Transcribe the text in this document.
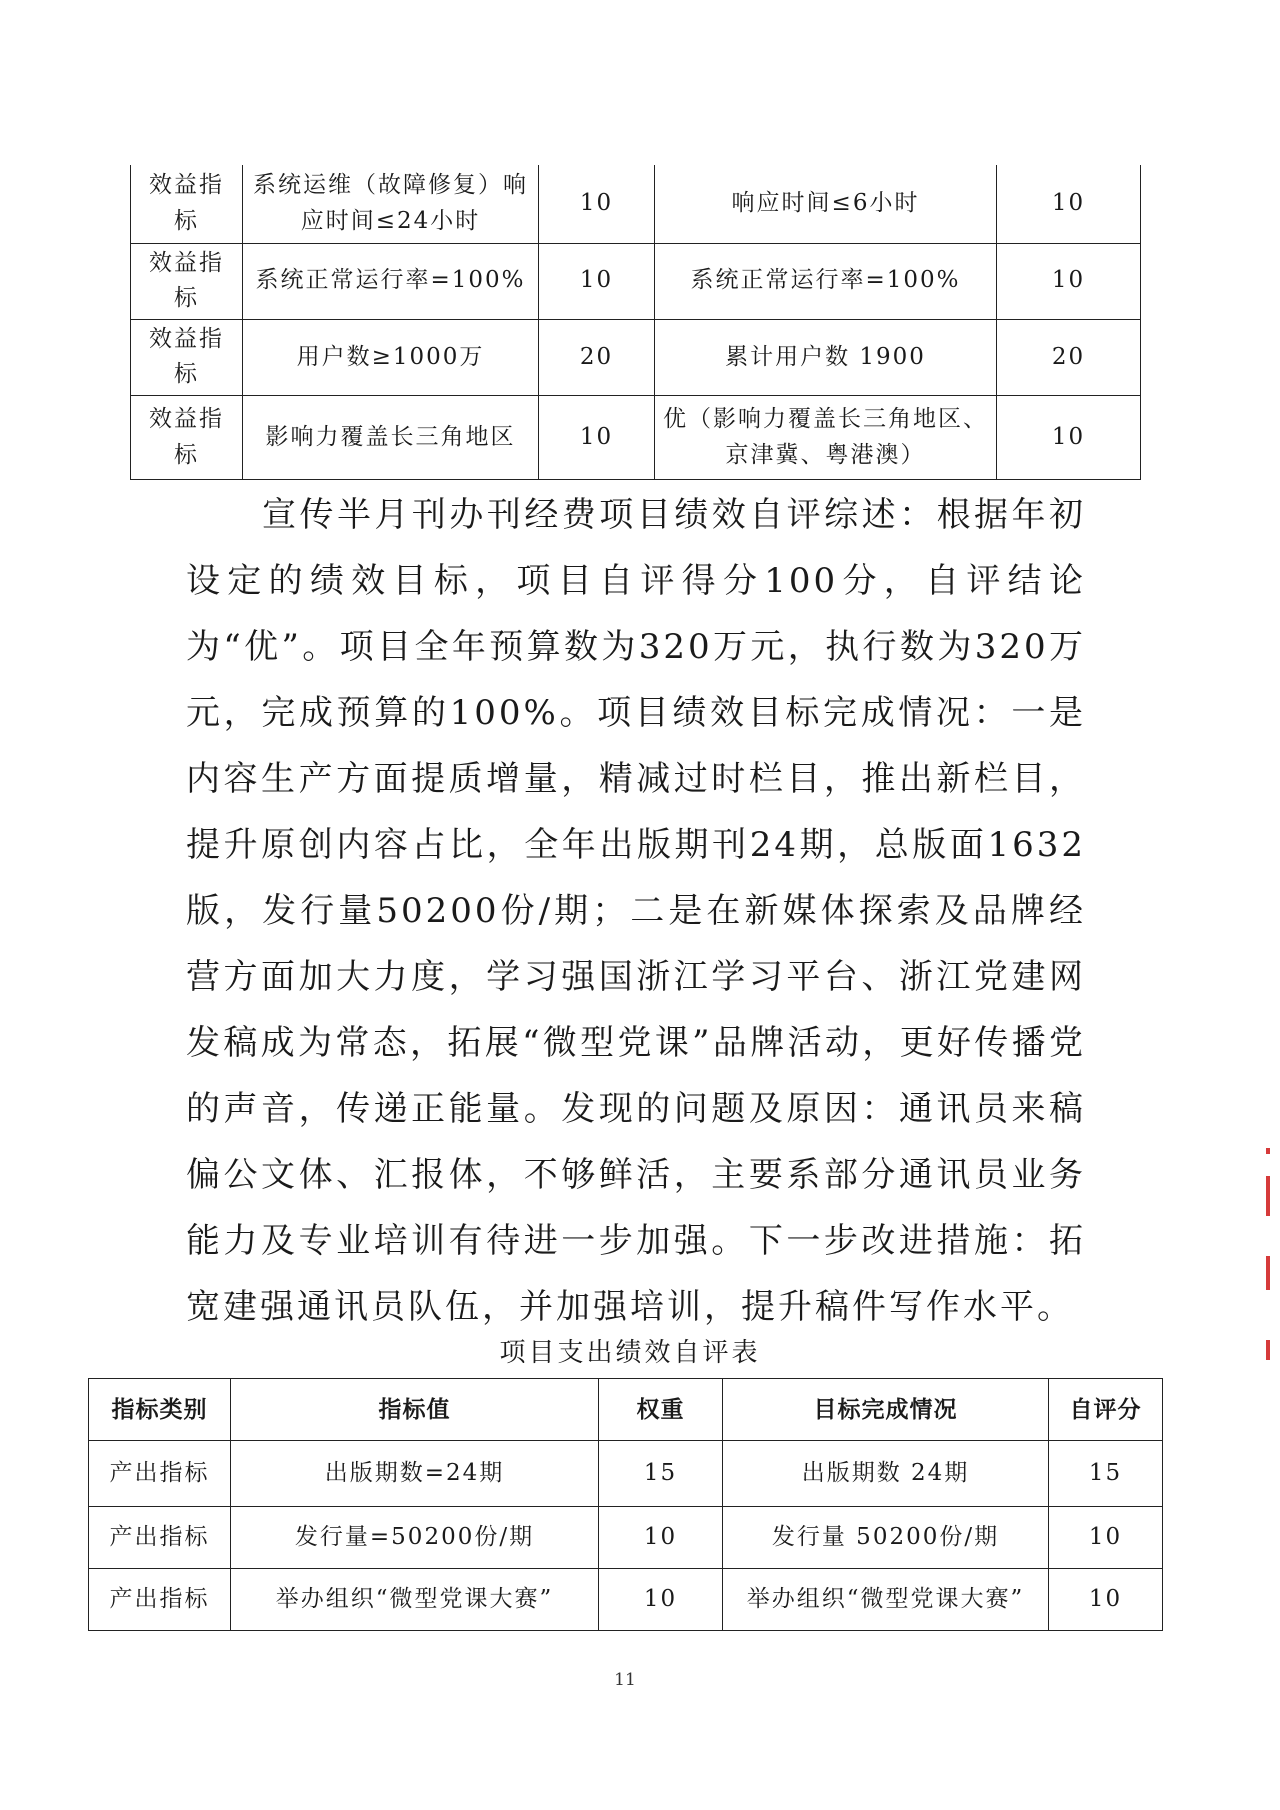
效益指标	系统运维（故障修复）响应时间≤24小时	10	响应时间≤6小时	10
效益指标	系统正常运行率=100%	10	系统正常运行率=100%	10
效益指标	用户数≥1000万	20	累计用户数 1900	20
效益指标	影响力覆盖长三角地区	10	优（影响力覆盖长三角地区、京津冀、粤港澳）	10

宣传半月刊办刊经费项目绩效自评综述：根据年初设定的绩效目标，项目自评得分100分，自评结论为“优”。项目全年预算数为320万元，执行数为320万元，完成预算的100%。项目绩效目标完成情况：一是内容生产方面提质增量，精减过时栏目，推出新栏目，提升原创内容占比，全年出版期刊24期，总版面1632版，发行量50200份/期；二是在新媒体探索及品牌经营方面加大力度，学习强国浙江学习平台、浙江党建网发稿成为常态，拓展“微型党课”品牌活动，更好传播党的声音，传递正能量。发现的问题及原因：通讯员来稿偏公文体、汇报体，不够鲜活，主要系部分通讯员业务能力及专业培训有待进一步加强。下一步改进措施：拓宽建强通讯员队伍，并加强培训，提升稿件写作水平。

项目支出绩效自评表
指标类别	指标值	权重	目标完成情况	自评分
产出指标	出版期数=24期	15	出版期数 24期	15
产出指标	发行量=50200份/期	10	发行量 50200份/期	10
产出指标	举办组织“微型党课大赛”	10	举办组织“微型党课大赛”	10
11
